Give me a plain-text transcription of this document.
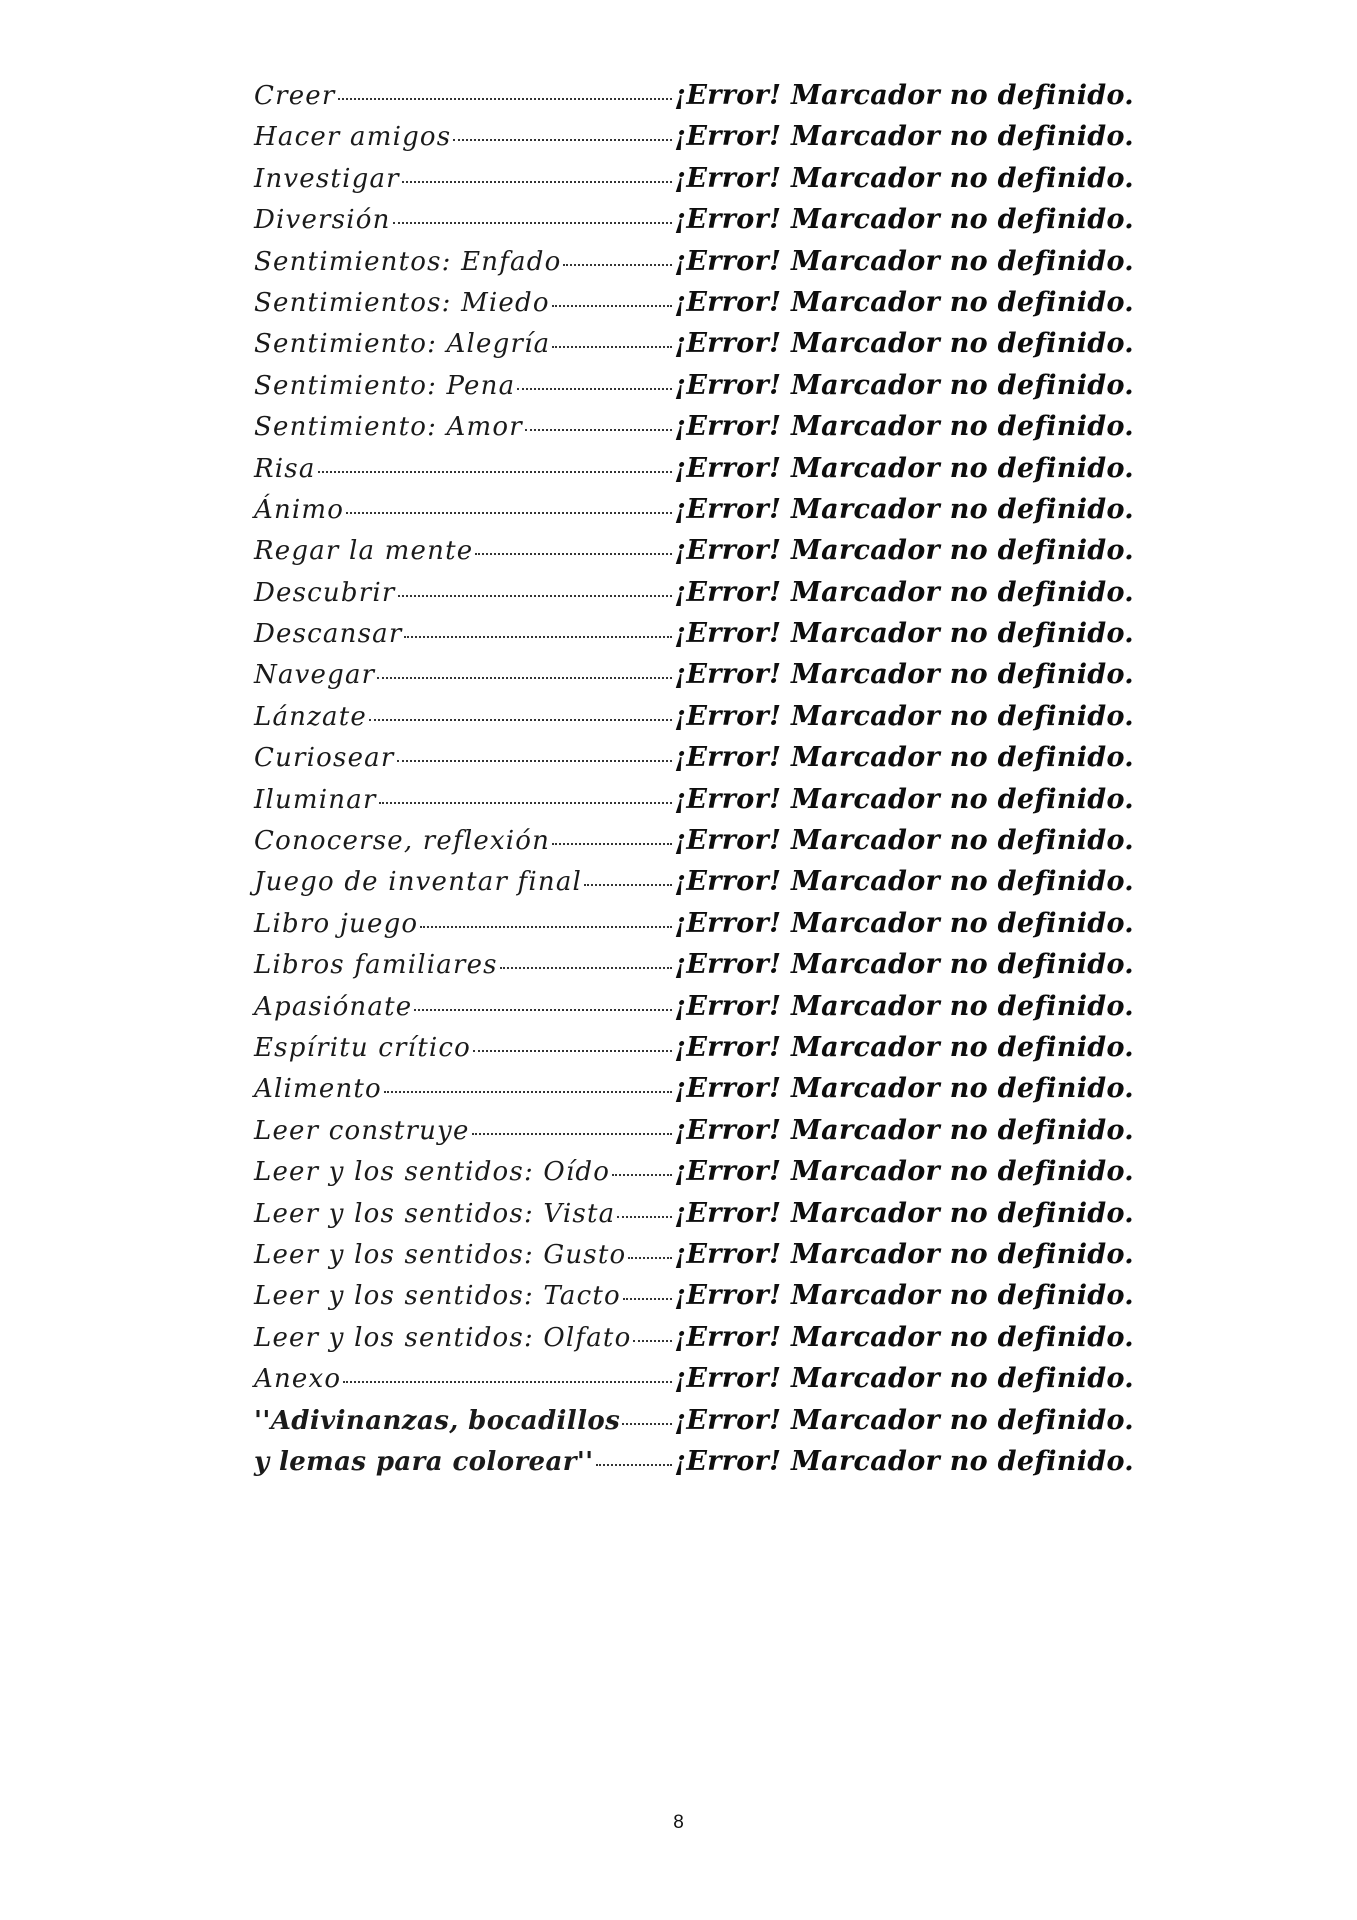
Creer	¡Error! Marcador no definido.
Hacer amigos	¡Error! Marcador no definido.
Investigar	¡Error! Marcador no definido.
Diversión	¡Error! Marcador no definido.
Sentimientos: Enfado	¡Error! Marcador no definido.
Sentimientos: Miedo	¡Error! Marcador no definido.
Sentimiento: Alegría	¡Error! Marcador no definido.
Sentimiento: Pena	¡Error! Marcador no definido.
Sentimiento: Amor	¡Error! Marcador no definido.
Risa	¡Error! Marcador no definido.
Ánimo	¡Error! Marcador no definido.
Regar la mente	¡Error! Marcador no definido.
Descubrir	¡Error! Marcador no definido.
Descansar	¡Error! Marcador no definido.
Navegar	¡Error! Marcador no definido.
Lánzate	¡Error! Marcador no definido.
Curiosear	¡Error! Marcador no definido.
Iluminar	¡Error! Marcador no definido.
Conocerse, reflexión	¡Error! Marcador no definido.
Juego de inventar final	¡Error! Marcador no definido.
Libro juego	¡Error! Marcador no definido.
Libros familiares	¡Error! Marcador no definido.
Apasiónate	¡Error! Marcador no definido.
Espíritu crítico	¡Error! Marcador no definido.
Alimento	¡Error! Marcador no definido.
Leer construye	¡Error! Marcador no definido.
Leer y los sentidos: Oído ¡Error! Marcador no definido.
Leer y los sentidos: Vista ¡Error! Marcador no definido.
Leer y los sentidos: Gusto ¡Error! Marcador no definido.
Leer y los sentidos: Tacto ¡Error! Marcador no definido.
Leer y los sentidos: Olfato ¡Error! Marcador no definido.
Anexo	¡Error! Marcador no definido.
''Adivinanzas, bocadillos ¡Error! Marcador no definido.
y lemas para colorear''	¡Error! Marcador no definido.
8
